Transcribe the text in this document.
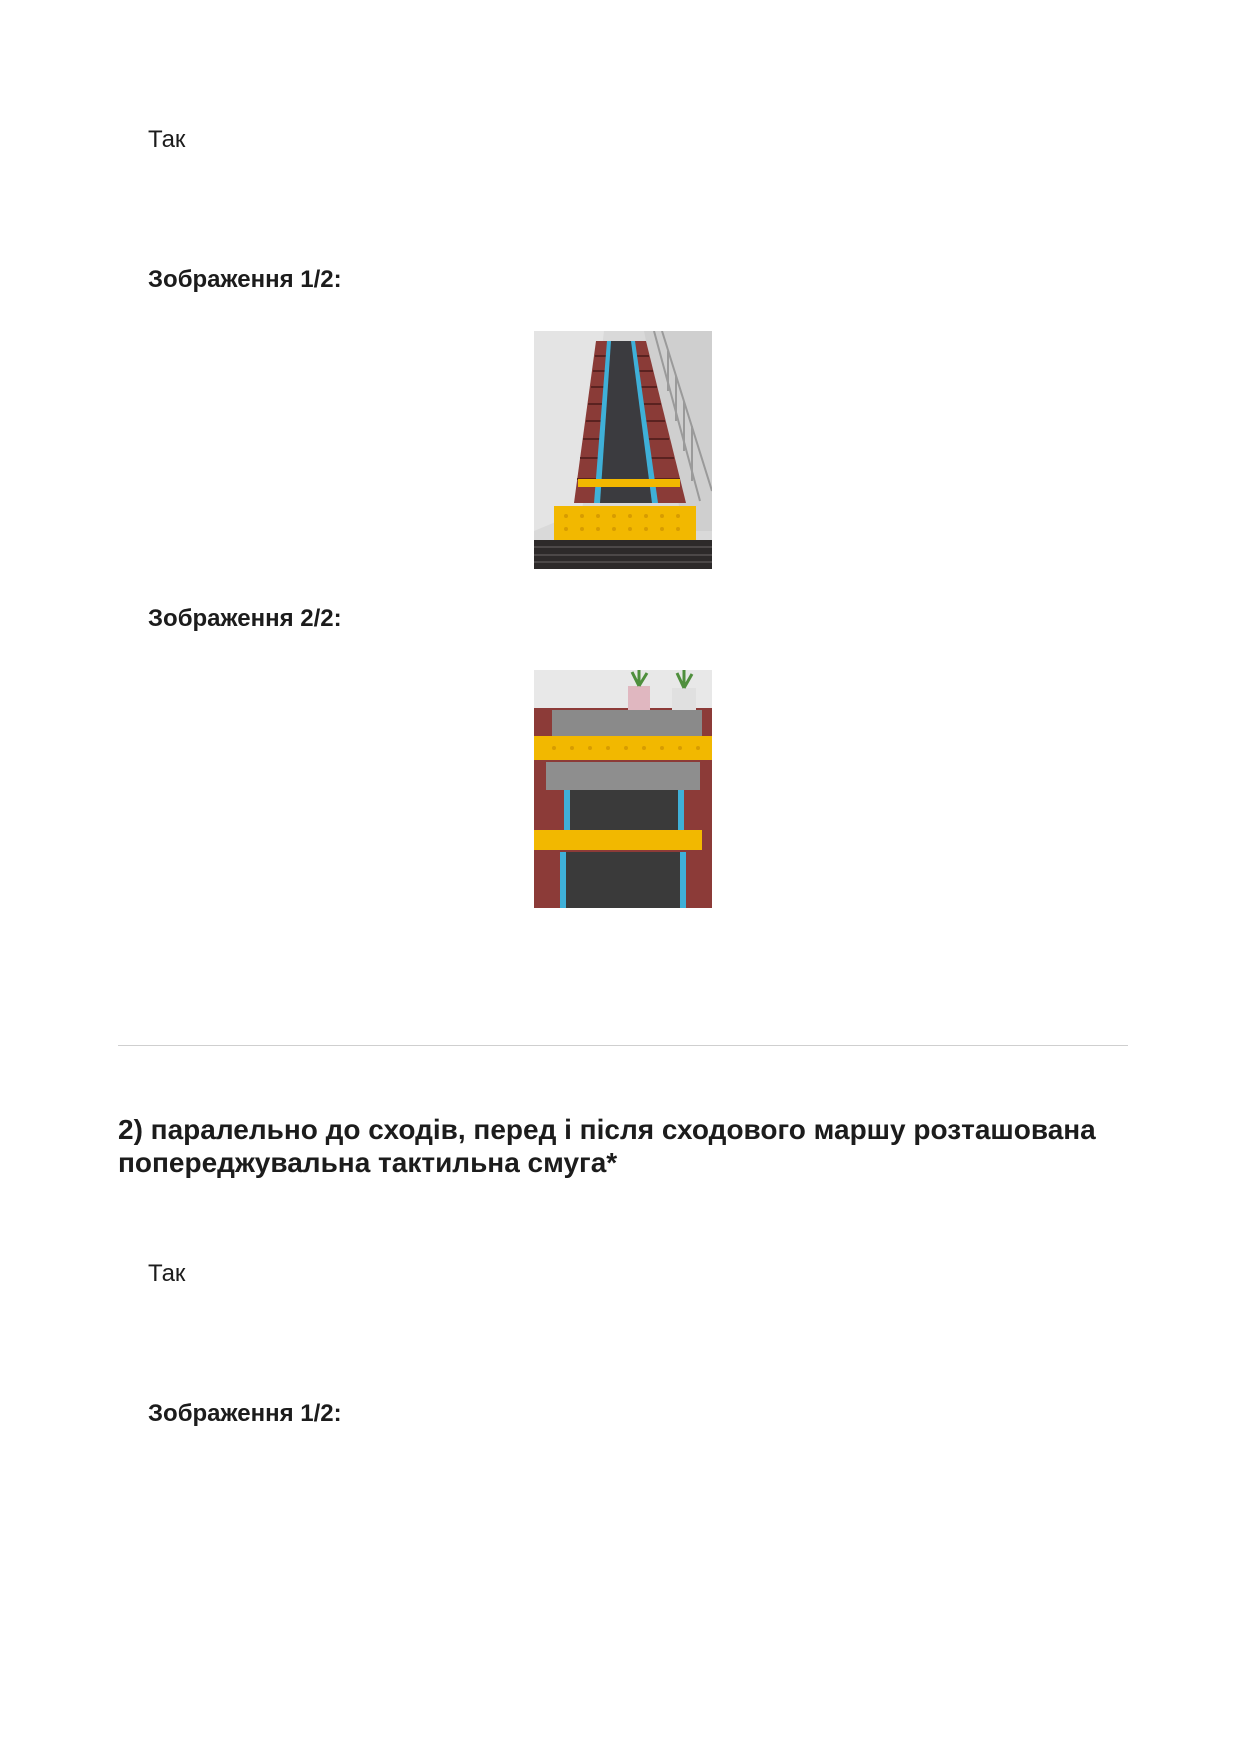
Так
Зображення 1/2:
Зображення 2/2:
2) паралельно до сходів, перед і після сходового маршу розташована
попереджувальна тактильна смуга*
Так
Зображення 1/2:
